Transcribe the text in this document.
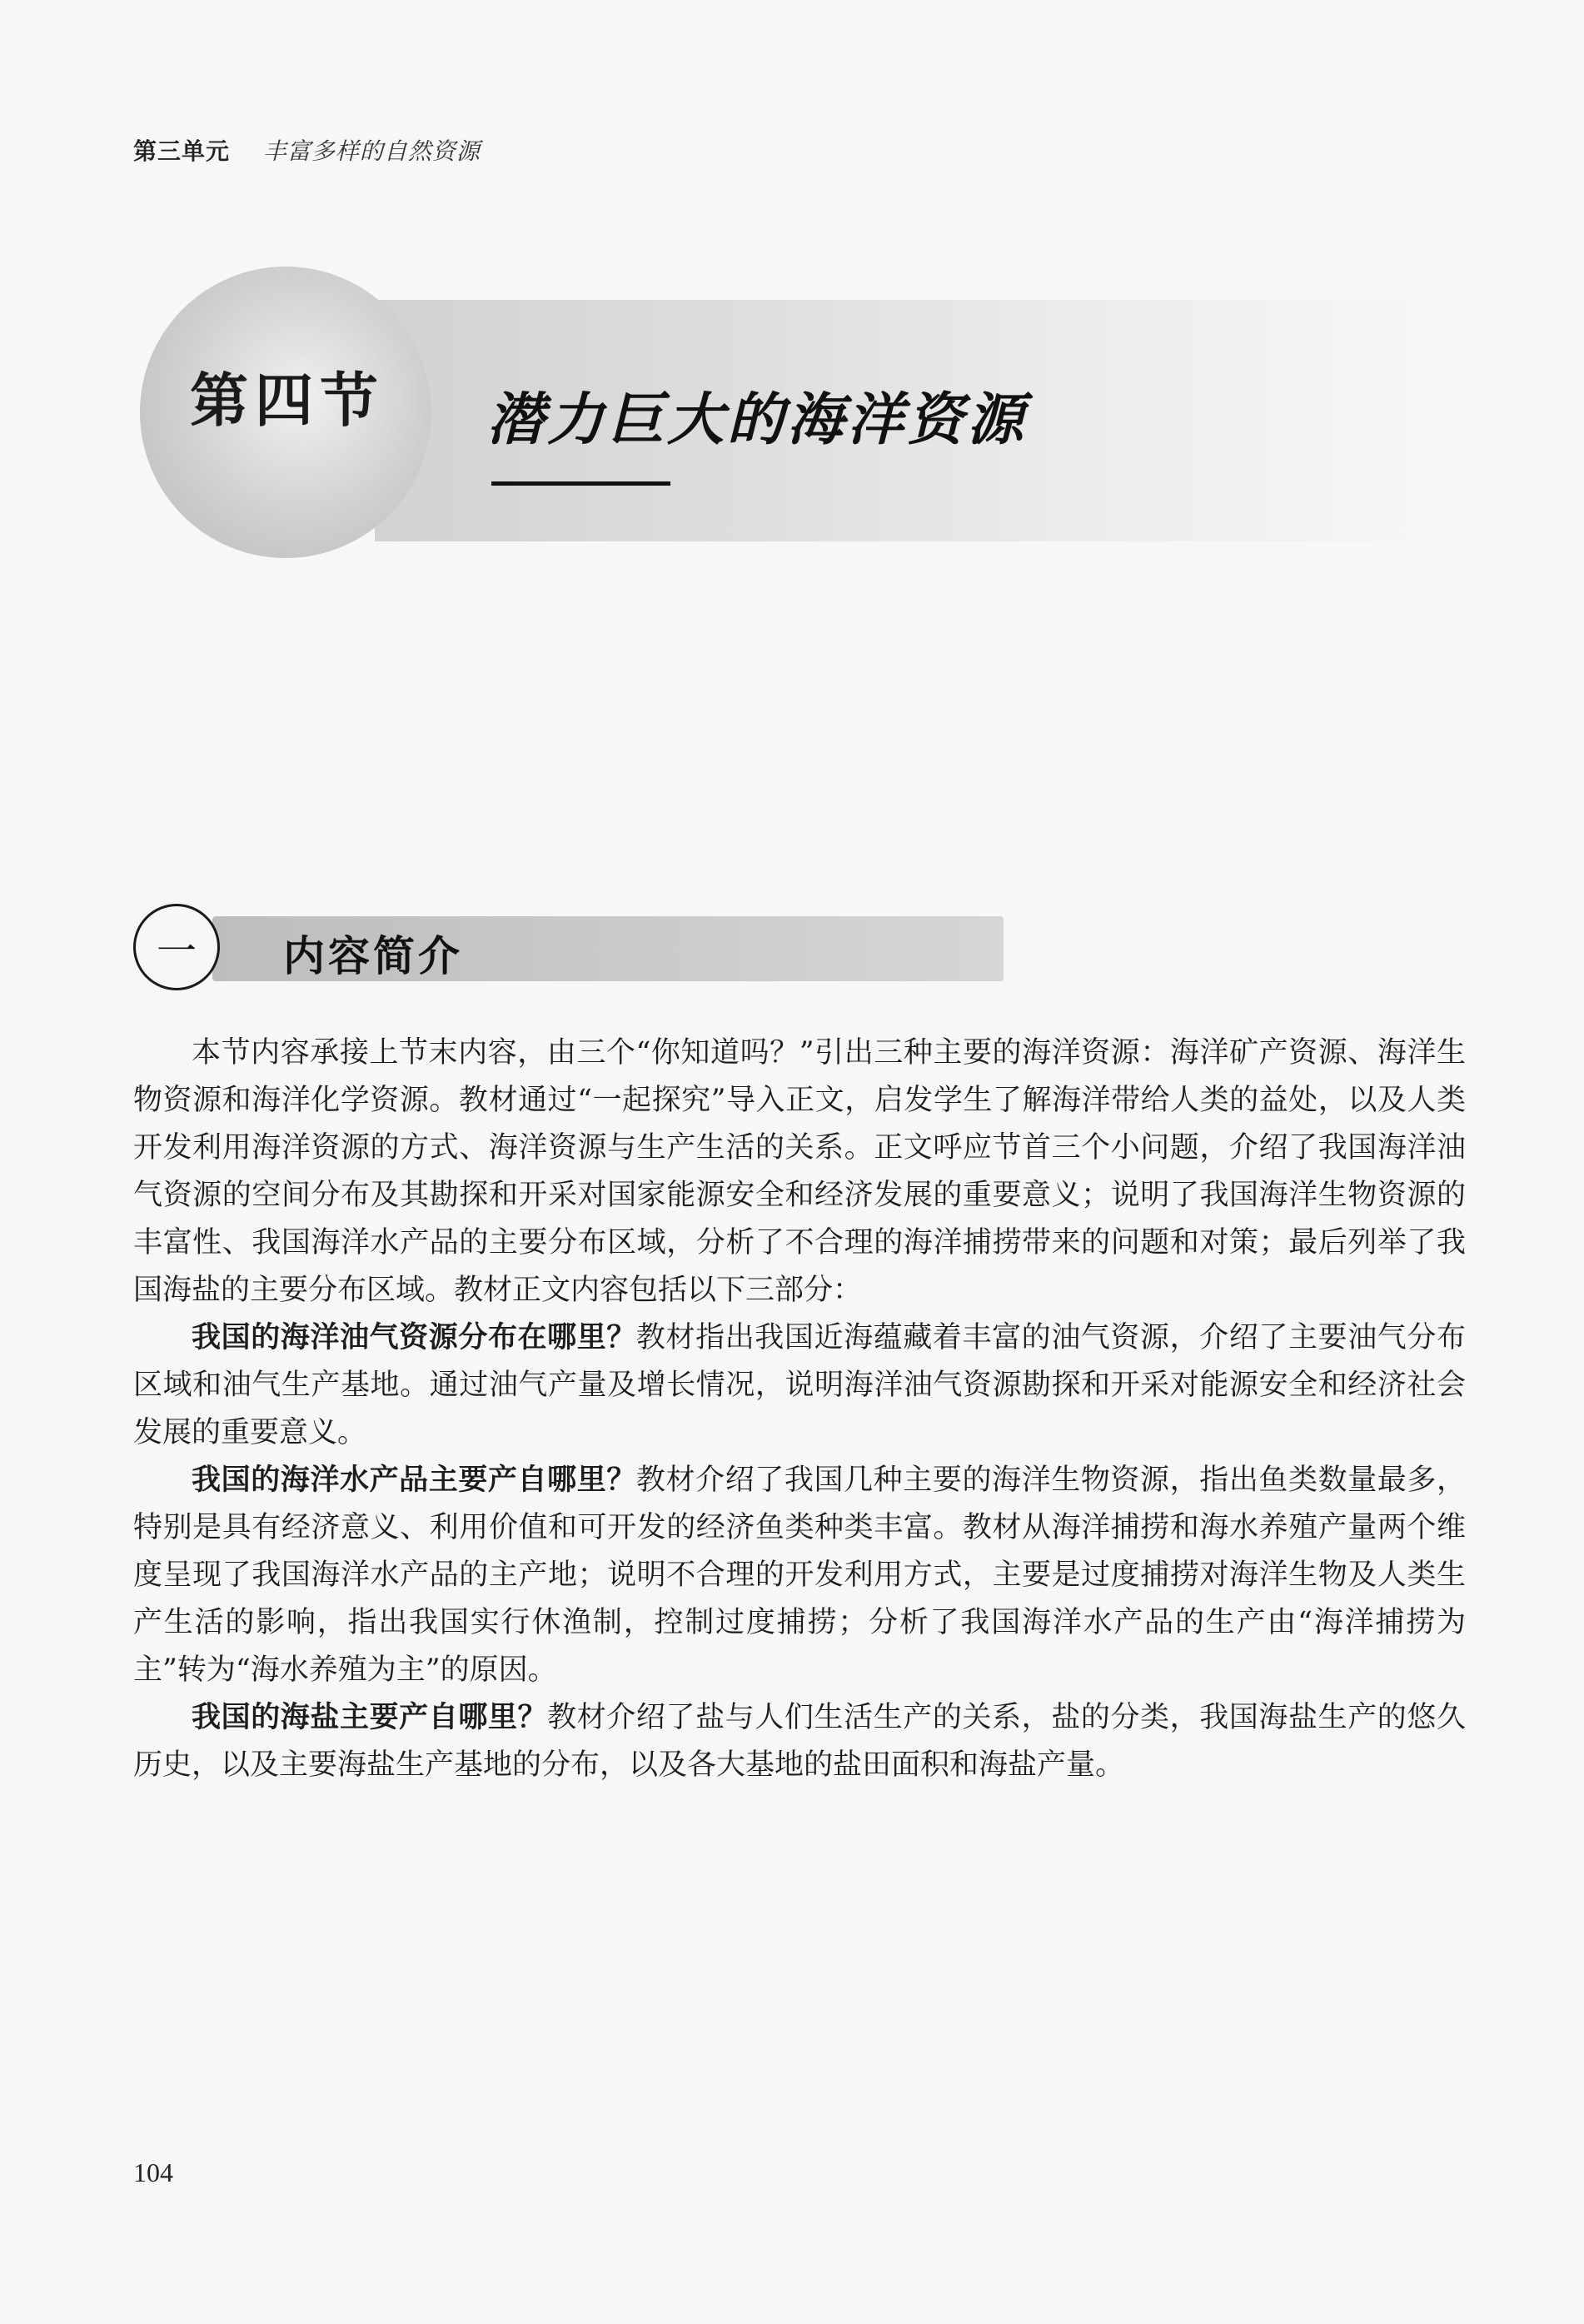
第三单元 丰富多样的自然资源
第四节 潜力巨大的海洋资源
一 内容简介

本节内容承接上节末内容，由三个“你知道吗？”引出三种主要的海洋资源：海洋矿产资源、海洋生物资源和海洋化学资源。教材通过“一起探究”导入正文，启发学生了解海洋带给人类的益处，以及人类开发利用海洋资源的方式、海洋资源与生产生活的关系。正文呼应节首三个小问题，介绍了我国海洋油气资源的空间分布及其勘探和开采对国家能源安全和经济发展的重要意义；说明了我国海洋生物资源的丰富性、我国海洋水产品的主要分布区域，分析了不合理的海洋捕捞带来的问题和对策；最后列举了我国海盐的主要分布区域。教材正文内容包括以下三部分：

我国的海洋油气资源分布在哪里？教材指出我国近海蕴藏着丰富的油气资源，介绍了主要油气分布区域和油气生产基地。通过油气产量及增长情况，说明海洋油气资源勘探和开采对能源安全和经济社会发展的重要意义。

我国的海洋水产品主要产自哪里？教材介绍了我国几种主要的海洋生物资源，指出鱼类数量最多，特别是具有经济意义、利用价值和可开发的经济鱼类种类丰富。教材从海洋捕捞和海水养殖产量两个维度呈现了我国海洋水产品的主产地；说明不合理的开发利用方式，主要是过度捕捞对海洋生物及人类生产生活的影响，指出我国实行休渔制，控制过度捕捞；分析了我国海洋水产品的生产由“海洋捕捞为主”转为“海水养殖为主”的原因。

我国的海盐主要产自哪里？教材介绍了盐与人们生活生产的关系，盐的分类，我国海盐生产的悠久历史，以及主要海盐生产基地的分布，以及各大基地的盐田面积和海盐产量。

104
